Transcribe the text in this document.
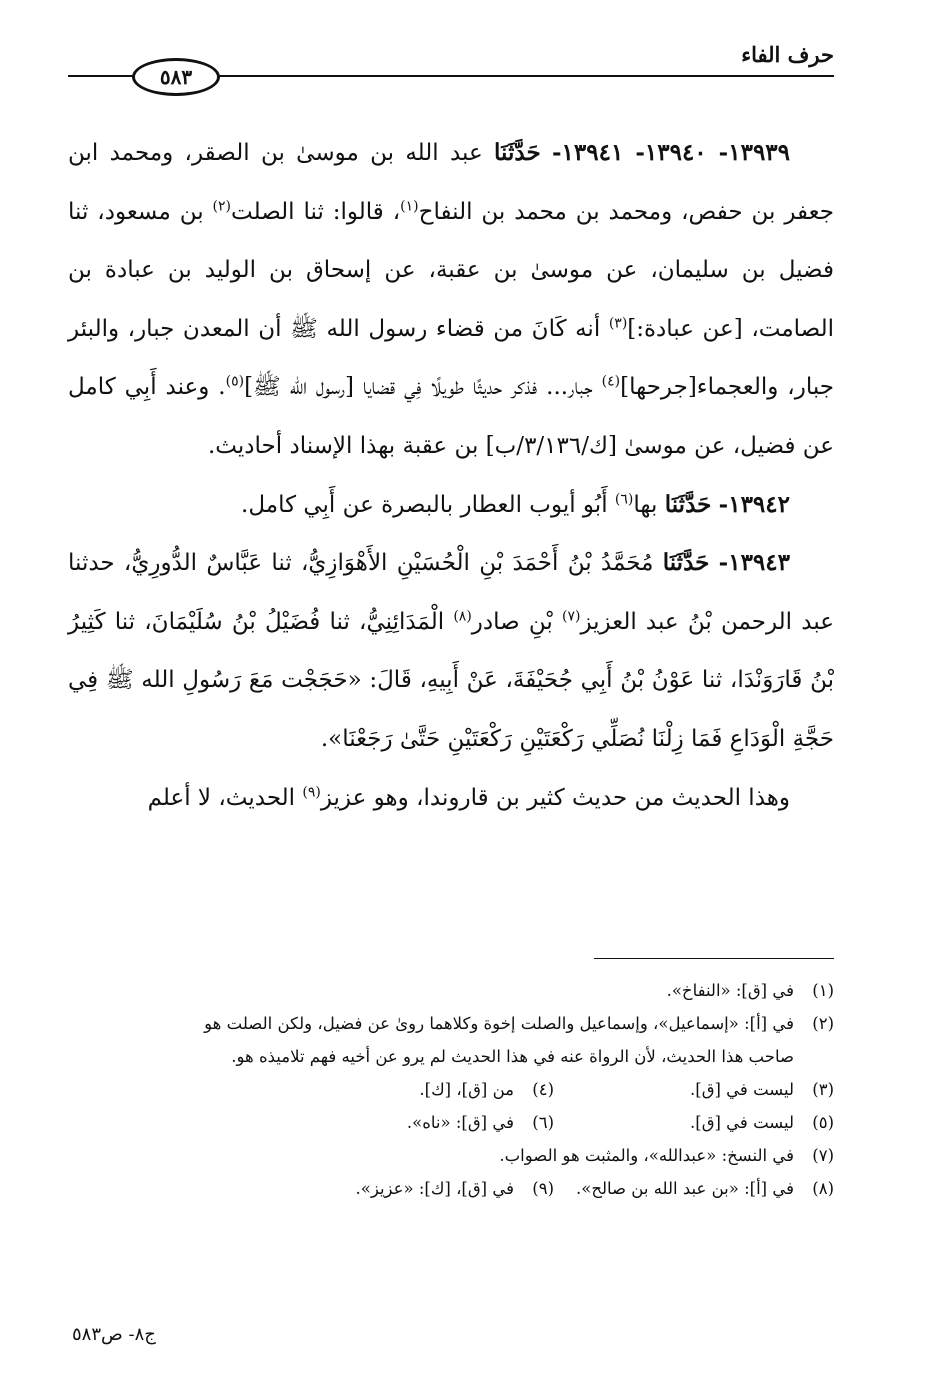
حرف الفاء
٥٨٣

١٣٩٣٩- ١٣٩٤٠- ١٣٩٤١- حَدَّثَنَا عبد الله بن موسىٰ بن الصقر، ومحمد ابن جعفر بن حفص، ومحمد بن محمد بن النفاح$^{(١)}$، قالوا: ثنا الصلت$^{(٢)}$ بن مسعود، ثنا فضيل بن سليمان، عن موسىٰ بن عقبة، عن إسحاق بن الوليد بن عبادة بن الصامت، [عن عبادة:]$^{(٣)}$ أنه كَانَ من قضاء رسول الله ﷺ أن المعدن جبار، والبئر جبار، والعجماء[جرحها]$^{(٤)}$ جبار... فذكر حديثًا طويلًا فِي قضايا [رسول الله ﷺ]$^{(٥)}$. وعند أَبِي كامل عن فضيل، عن موسىٰ [ك/٣/١٣٦/ب] بن عقبة بهذا الإسناد أحاديث.

١٣٩٤٢- حَدَّثَنَا بها$^{(٦)}$ أَبُو أيوب العطار بالبصرة عن أَبِي كامل.

١٣٩٤٣- حَدَّثَنَا مُحَمَّدُ بْنُ أَحْمَدَ بْنِ الْحُسَيْنِ الأَهْوَازِيُّ، ثنا عَبَّاسٌ الدُّورِيُّ، حدثنا عبد الرحمن بْنُ عبد العزيز$^{(٧)}$ بْنِ صادر$^{(٨)}$ الْمَدَائِنِيُّ، ثنا فُضَيْلُ بْنُ سُلَيْمَانَ، ثنا كَثِيرُ بْنُ قَارَوَنْدَا، ثنا عَوْنُ بْنُ أَبِي جُحَيْفَةَ، عَنْ أَبِيهِ، قَالَ: «حَجَجْت مَعَ رَسُولِ الله ﷺ فِي حَجَّةِ الْوَدَاعِ فَمَا زِلْنَا نُصَلِّي رَكْعَتَيْنِ رَكْعَتَيْنِ حَتَّىٰ رَجَعْنَا».

وهذا الحديث من حديث كثير بن قاروندا، وهو عزيز$^{(٩)}$ الحديث، لا أعلم

(١)
في [ق]: «النفاخ».
(٢)
في [أ]: «إسماعيل»، وإسماعيل والصلت إخوة وكلاهما روىٰ عن فضيل، ولكن الصلت هو
صاحب هذا الحديث، لأن الرواة عنه في هذا الحديث لم يرو عن أخيه فهم تلاميذه هو.
(٣)
ليست في [ق].
(٤)
من [ق]، [ك].
(٥)
ليست في [ق].
(٦)
في [ق]: «ناه».
(٧)
في النسخ: «عبدالله»، والمثبت هو الصواب.
(٨)
في [أ]: «بن عبد الله بن صالح».
(٩)
في [ق]، [ك]: «عزيز».
ج٨- ص٥٨٣
